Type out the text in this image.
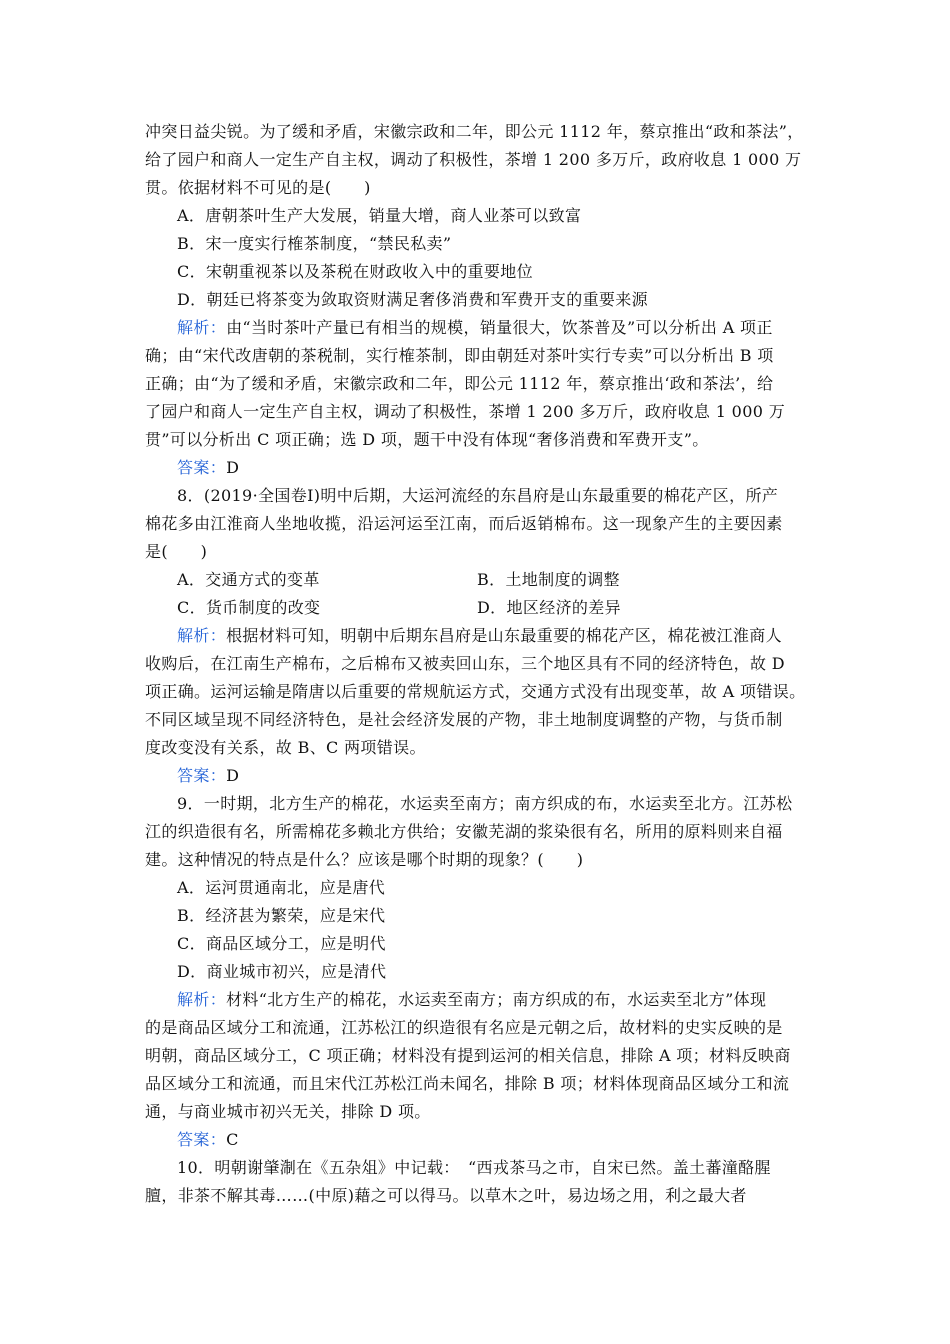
冲突日益尖锐。为了缓和矛盾，宋徽宗政和二年，即公元 1112 年，蔡京推出“政和茶法”，
给了园户和商人一定生产自主权，调动了积极性，茶增 1 200 多万斤，政府收息 1 000 万
贯。依据材料不可见的是(　　)
A．唐朝茶叶生产大发展，销量大增，商人业茶可以致富
B．宋一度实行榷茶制度，“禁民私卖”
C．宋朝重视茶以及茶税在财政收入中的重要地位
D．朝廷已将茶变为敛取资财满足奢侈消费和军费开支的重要来源
解析：由“当时茶叶产量已有相当的规模，销量很大，饮茶普及”可以分析出 A 项正
确；由“宋代改唐朝的茶税制，实行榷茶制，即由朝廷对茶叶实行专卖”可以分析出 B 项
正确；由“为了缓和矛盾，宋徽宗政和二年，即公元 1112 年，蔡京推出‘政和茶法’，给
了园户和商人一定生产自主权，调动了积极性，茶增 1 200 多万斤，政府收息 1 000 万
贯”可以分析出 C 项正确；选 D 项，题干中没有体现“奢侈消费和军费开支”。
答案：D
8．(2019·全国卷Ⅰ)明中后期，大运河流经的东昌府是山东最重要的棉花产区，所产
棉花多由江淮商人坐地收揽，沿运河运至江南，而后返销棉布。这一现象产生的主要因素
是(　　)
A．交通方式的变革	B．土地制度的调整
C．货币制度的改变	D．地区经济的差异
解析：根据材料可知，明朝中后期东昌府是山东最重要的棉花产区，棉花被江淮商人
收购后，在江南生产棉布，之后棉布又被卖回山东，三个地区具有不同的经济特色，故 D
项正确。运河运输是隋唐以后重要的常规航运方式，交通方式没有出现变革，故 A 项错误。
不同区域呈现不同经济特色，是社会经济发展的产物，非土地制度调整的产物，与货币制
度改变没有关系，故 B、C 两项错误。
答案：D
9．一时期，北方生产的棉花，水运卖至南方；南方织成的布，水运卖至北方。江苏松
江的织造很有名，所需棉花多赖北方供给；安徽芜湖的浆染很有名，所用的原料则来自福
建。这种情况的特点是什么？应该是哪个时期的现象？(　　)
A．运河贯通南北，应是唐代
B．经济甚为繁荣，应是宋代
C．商品区域分工，应是明代
D．商业城市初兴，应是清代
解析：材料“北方生产的棉花，水运卖至南方；南方织成的布，水运卖至北方”体现
的是商品区域分工和流通，江苏松江的织造很有名应是元朝之后，故材料的史实反映的是
明朝，商品区域分工，C 项正确；材料没有提到运河的相关信息，排除 A 项；材料反映商
品区域分工和流通，而且宋代江苏松江尚未闻名，排除 B 项；材料体现商品区域分工和流
通，与商业城市初兴无关，排除 D 项。
答案：C
10．明朝谢肇淛在《五杂俎》中记载：　“西戎茶马之市，自宋已然。盖土蕃潼酪腥
膻，非茶不解其毒……(中原)藉之可以得马。以草木之叶，易边场之用，利之最大者
